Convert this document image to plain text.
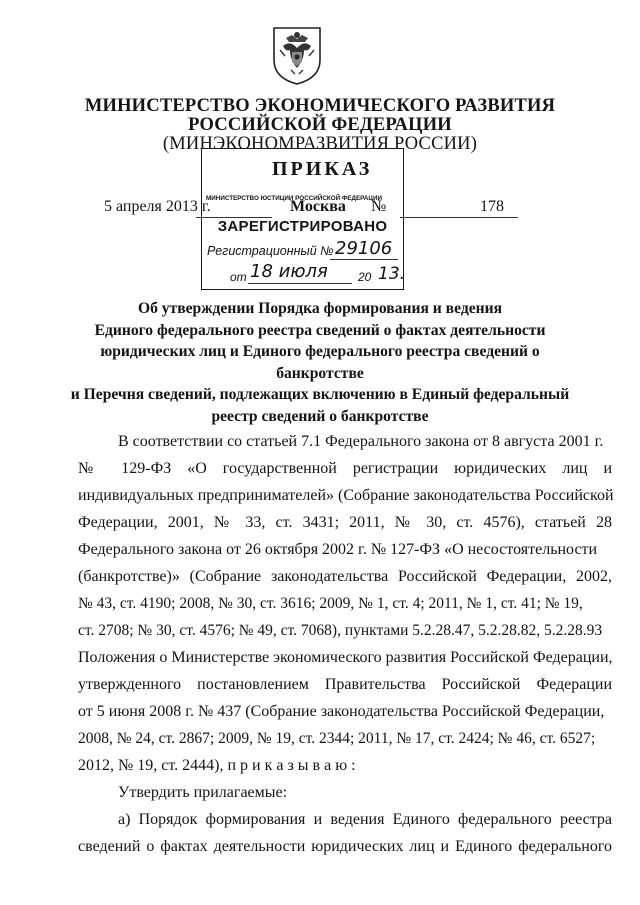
МИНИСТЕРСТВО ЭКОНОМИЧЕСКОГО РАЗВИТИЯ
РОССИЙСКОЙ ФЕДЕРАЦИИ
(МИНЭКОНОМРАЗВИТИЯ РОССИИ)
ПРИКАЗ
5 апреля 2013 г.	Москва №	178
МИНИСТЕРСТВО ЮСТИЦИИ РОССИЙСКОЙ ФЕДЕРАЦИИ
ЗАРЕГИСТРИРОВАНО
Регистрационный № 29106
от 18 июля	20 13.
Об утверждении Порядка формирования и ведения
Единого федерального реестра сведений о фактах деятельности
юридических лиц и Единого федерального реестра сведений о банкротстве
и Перечня сведений, подлежащих включению в Единый федеральный
реестр сведений о банкротстве
В соответствии со статьей 7.1 Федерального закона от 8 августа 2001 г.
№ 129-ФЗ «О государственной регистрации юридических лиц и
индивидуальных предпринимателей» (Собрание законодательства Российской
Федерации, 2001, № 33, ст. 3431; 2011, № 30, ст. 4576), статьей 28
Федерального закона от 26 октября 2002 г. № 127-ФЗ «О несостоятельности
(банкротстве)» (Собрание законодательства Российской Федерации, 2002,
№ 43, ст. 4190; 2008, № 30, ст. 3616; 2009, № 1, ст. 4; 2011, № 1, ст. 41; № 19,
ст. 2708; № 30, ст. 4576; № 49, ст. 7068), пунктами 5.2.28.47, 5.2.28.82, 5.2.28.93
Положения о Министерстве экономического развития Российской Федерации,
утвержденного постановлением Правительства Российской Федерации
от 5 июня 2008 г. № 437 (Собрание законодательства Российской Федерации,
2008, № 24, ст. 2867; 2009, № 19, ст. 2344; 2011, № 17, ст. 2424; № 46, ст. 6527;
2012, № 19, ст. 2444), п р и к а з ы в а ю :
Утвердить прилагаемые:
а) Порядок формирования и ведения Единого федерального реестра
сведений о фактах деятельности юридических лиц и Единого федерального
